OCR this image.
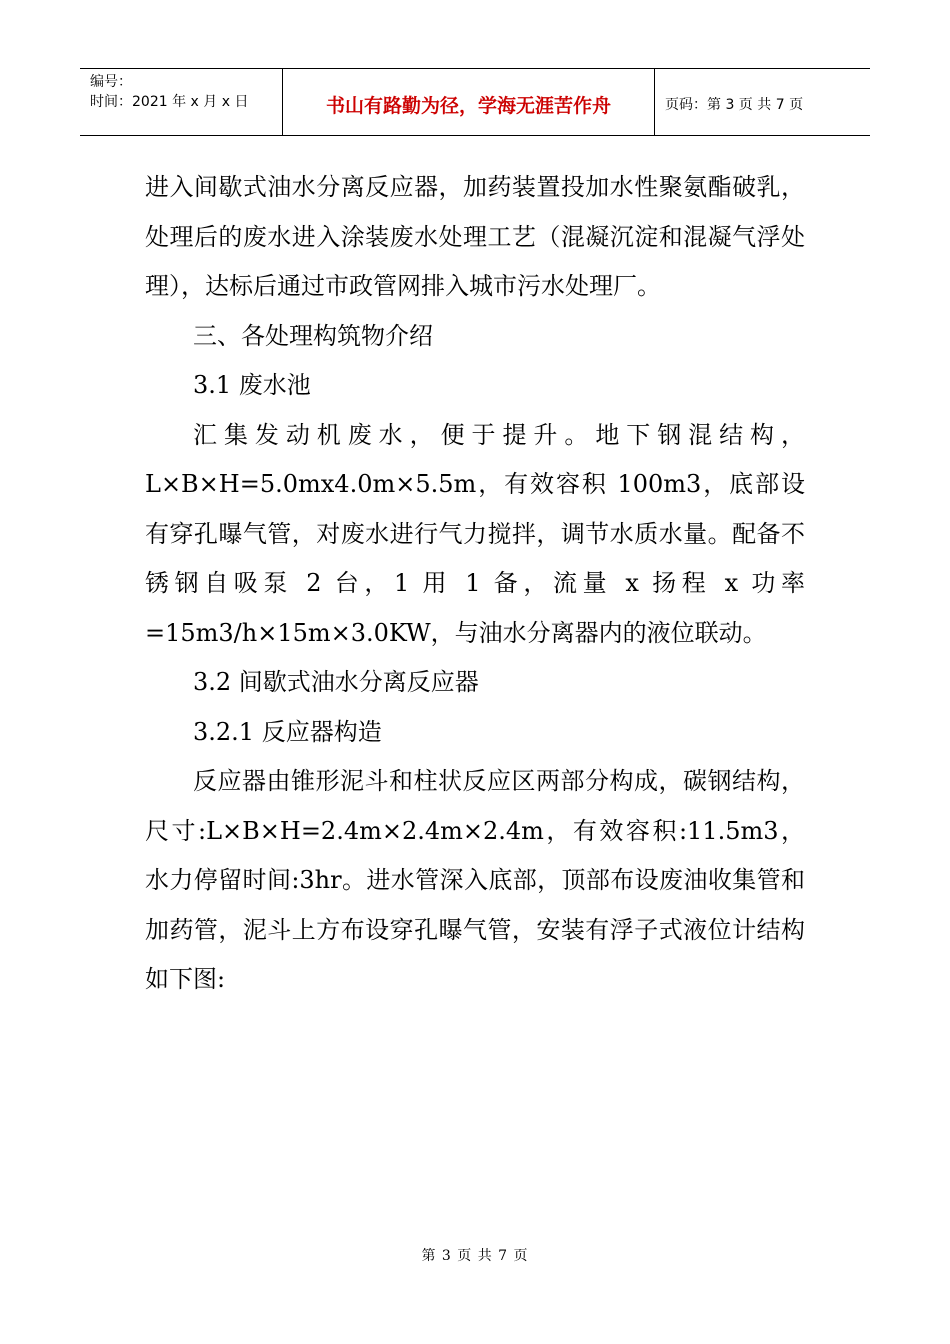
编号：
时间：2021 年 x 月 x 日	书山有路勤为径，学海无涯苦作舟	页码：第 3 页 共 7 页

进入间歇式油水分离反应器，加药装置投加水性聚氨酯破乳，处理后的废水进入涂装废水处理工艺（混凝沉淀和混凝气浮处理），达标后通过市政管网排入城市污水处理厂。

三、各处理构筑物介绍

3.1 废水池

汇集发动机废水，便于提升。地下钢混结构，L×B×H=5.0mx4.0m×5.5m，有效容积 100m3，底部设有穿孔曝气管，对废水进行气力搅拌，调节水质水量。配备不锈钢自吸泵 2 台，1 用 1 备，流量 x 扬程 x 功率 =15m3/h×15m×3.0KW，与油水分离器内的液位联动。

3.2 间歇式油水分离反应器

3.2.1 反应器构造

反应器由锥形泥斗和柱状反应区两部分构成，碳钢结构，尺寸:L×B×H=2.4m×2.4m×2.4m，有效容积:11.5m3，水力停留时间:3hr。进水管深入底部，顶部布设废油收集管和加药管，泥斗上方布设穿孔曝气管，安装有浮子式液位计结构如下图:

第 3 页 共 7 页
